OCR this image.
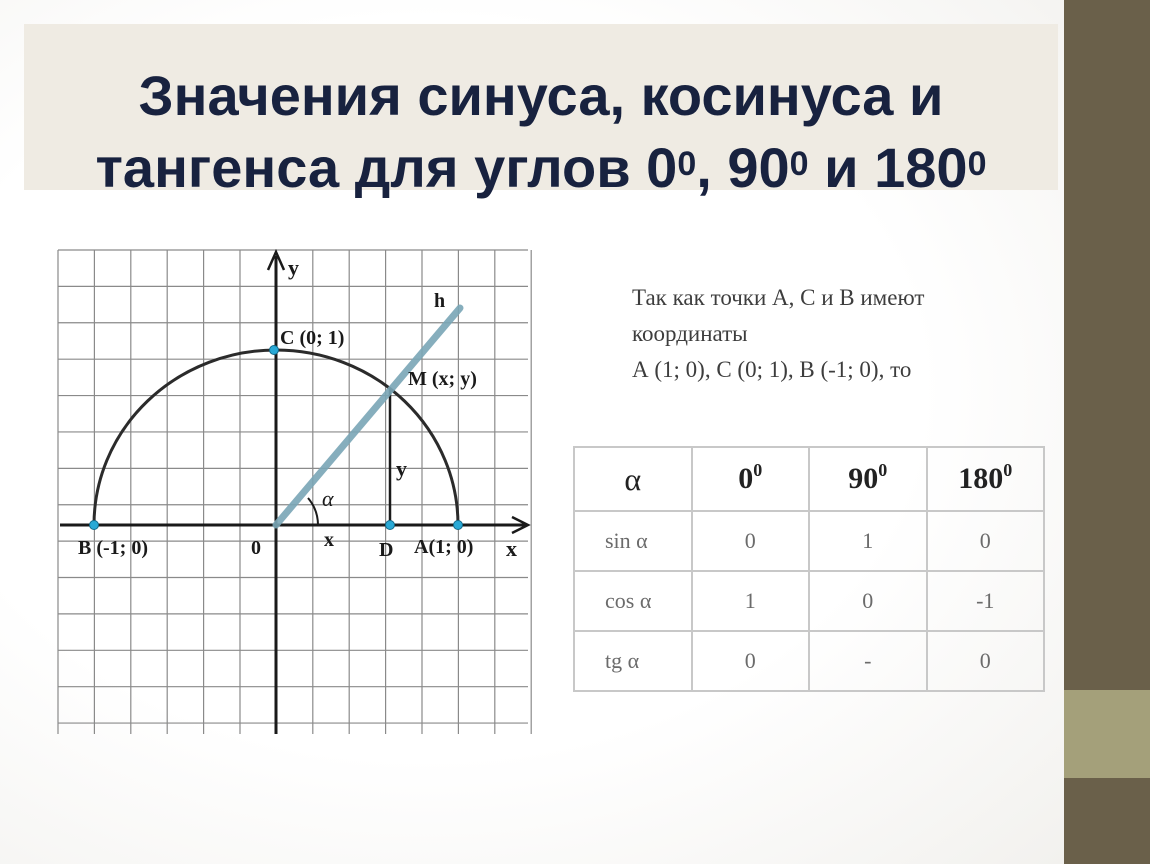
Значения синуса, косинуса и
тангенса для углов $0^0$, $90^0$ и $180^0$
y
h
C (0; 1)
M (x; y)
y
α
x
0
B (-1; 0)	D A(1; 0) x
Так как точки А, С и В имеют
координаты
А (1; 0), С (0; 1), В (-1; 0), то
α	$0^0$	$90^0$	$180^0$
sin α	0	1	0
cos α	1	0	-1
tg α	0	-	0
